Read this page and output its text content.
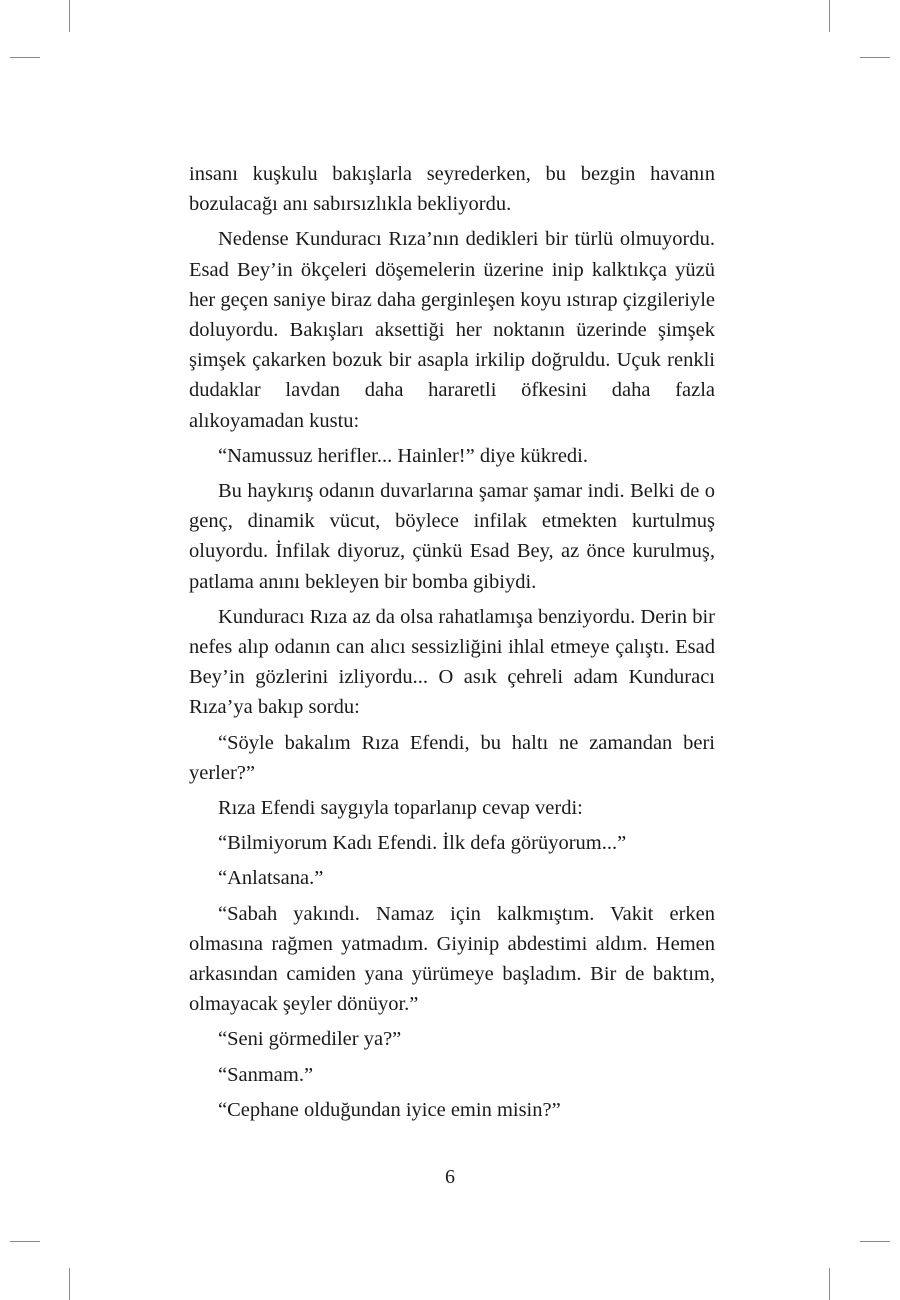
insanı kuşkulu bakışlarla seyrederken, bu bezgin havanın bozulacağı anı sabırsızlıkla bekliyordu.

Nedense Kunduracı Rıza’nın dedikleri bir türlü olmuyordu. Esad Bey’in ökçeleri döşemelerin üzerine inip kalktıkça yüzü her geçen saniye biraz daha gerginleşen koyu ıstırap çizgileriyle doluyordu. Bakışları aksettiği her noktanın üzerinde şimşek şimşek çakarken bozuk bir asapla irkilip doğruldu. Uçuk renkli dudaklar lavdan daha hararetli öfkesini daha fazla alıkoyamadan kustu:

“Namussuz herifler... Hainler!” diye kükredi.

Bu haykırış odanın duvarlarına şamar şamar indi. Belki de o genç, dinamik vücut, böylece infilak etmekten kurtulmuş oluyordu. İnfilak diyoruz, çünkü Esad Bey, az önce kurulmuş, patlama anını bekleyen bir bomba gibiydi.

Kunduracı Rıza az da olsa rahatlamışa benziyordu. Derin bir nefes alıp odanın can alıcı sessizliğini ihlal etmeye çalıştı. Esad Bey’in gözlerini izliyordu... O asık çehreli adam Kunduracı Rıza’ya bakıp sordu:

“Söyle bakalım Rıza Efendi, bu haltı ne zamandan beri yerler?”

Rıza Efendi saygıyla toparlanıp cevap verdi:

“Bilmiyorum Kadı Efendi. İlk defa görüyorum...”

“Anlatsana.”

“Sabah yakındı. Namaz için kalkmıştım. Vakit erken olmasına rağmen yatmadım. Giyinip abdestimi aldım. Hemen arkasından camiden yana yürümeye başladım. Bir de baktım, olmayacak şeyler dönüyor.”

“Seni görmediler ya?”

“Sanmam.”

“Cephane olduğundan iyice emin misin?”

6
